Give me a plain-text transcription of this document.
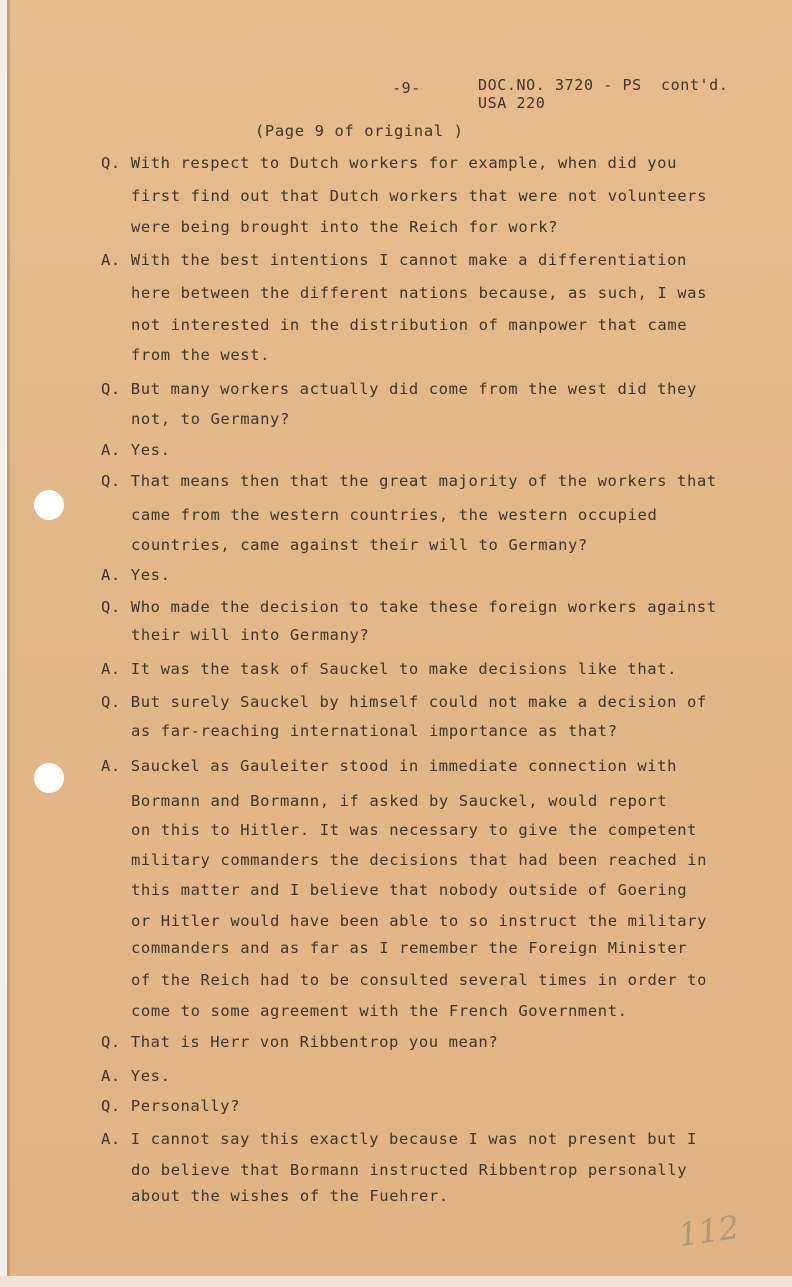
-9-	DOC.NO. 3720 - PS  cont'd.
USA 220
(Page 9 of original )
Q. With respect to Dutch workers for example, when did you
first find out that Dutch workers that were not volunteers
were being brought into the Reich for work?
A. With the best intentions I cannot make a differentiation
here between the different nations because, as such, I was
not interested in the distribution of manpower that came
from the west.
Q. But many workers actually did come from the west did they
not, to Germany?
A. Yes.
Q. That means then that the great majority of the workers that
came from the western countries, the western occupied
countries, came against their will to Germany?
A. Yes.
Q. Who made the decision to take these foreign workers against
their will into Germany?
A. It was the task of Sauckel to make decisions like that.
Q. But surely Sauckel by himself could not make a decision of
as far-reaching international importance as that?
A. Sauckel as Gauleiter stood in immediate connection with
Bormann and Bormann, if asked by Sauckel, would report
on this to Hitler. It was necessary to give the competent
military commanders the decisions that had been reached in
this matter and I believe that nobody outside of Goering
or Hitler would have been able to so instruct the military
commanders and as far as I remember the Foreign Minister
of the Reich had to be consulted several times in order to
come to some agreement with the French Government.
Q. That is Herr von Ribbentrop you mean?
A. Yes.
Q. Personally?
A. I cannot say this exactly because I was not present but I
do believe that Bormann instructed Ribbentrop personally
about the wishes of the Fuehrer.
112
